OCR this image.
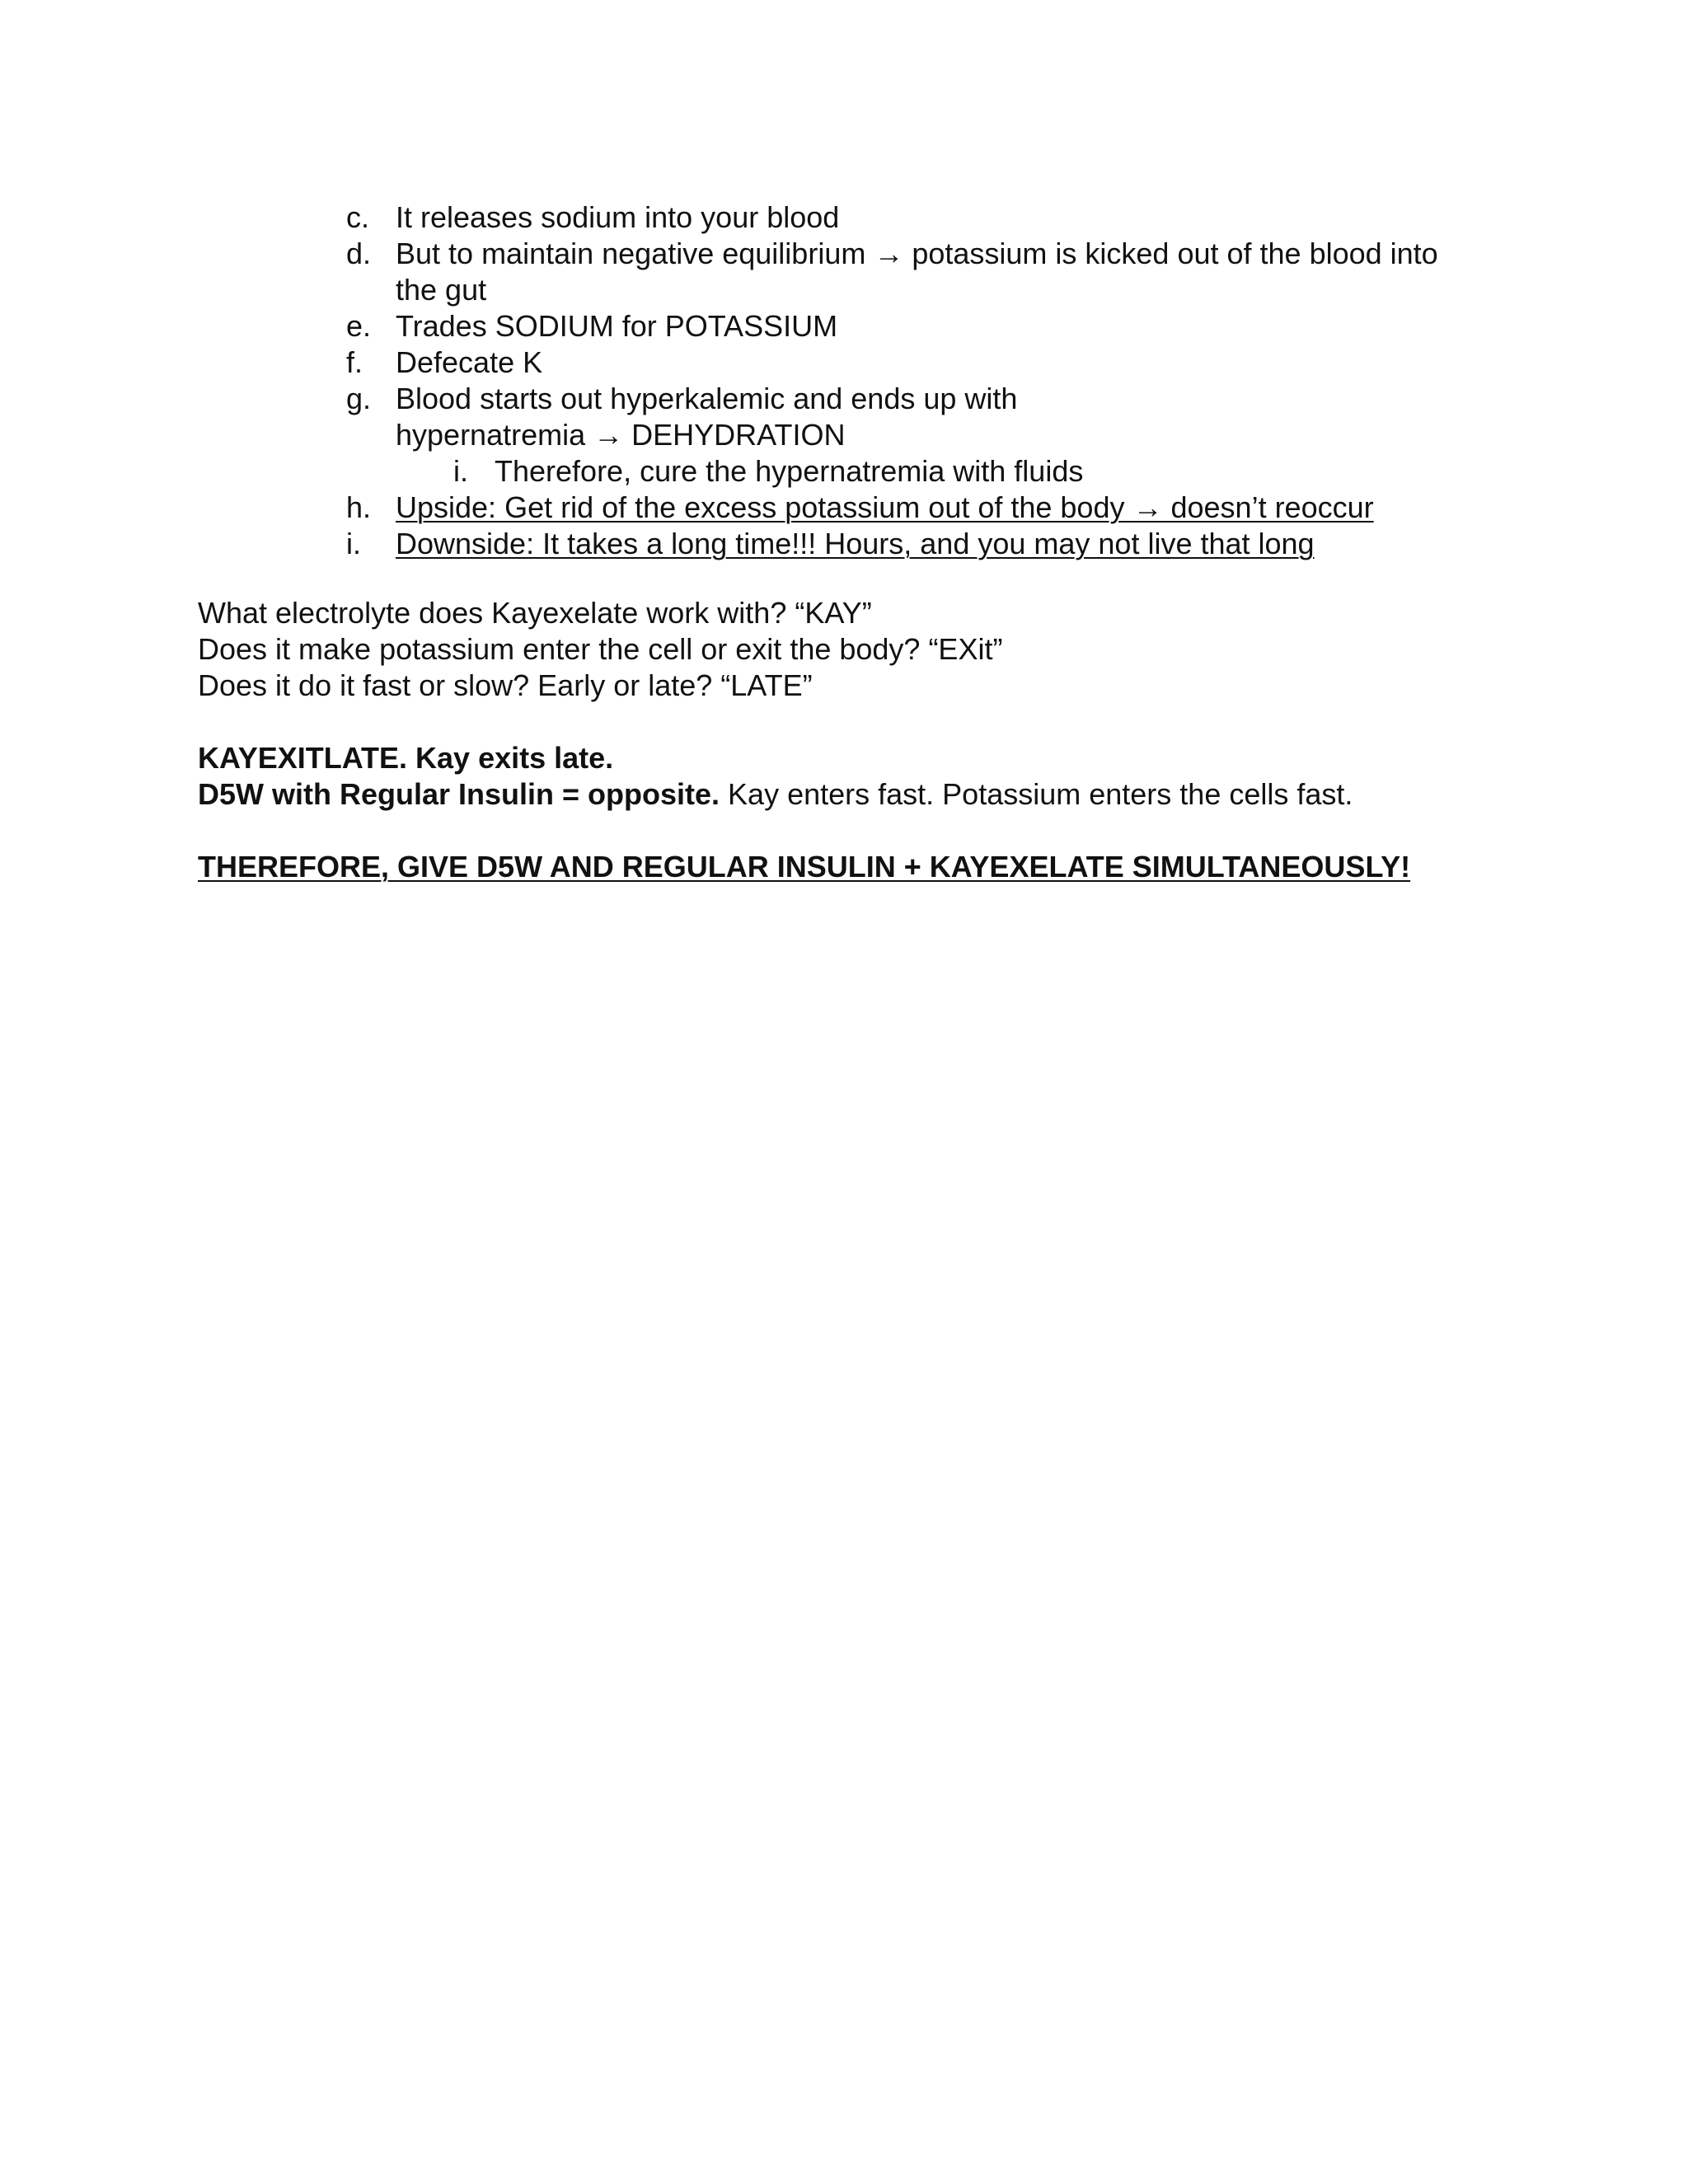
c. It releases sodium into your blood
d. But to maintain negative equilibrium → potassium is kicked out of the blood into the gut
e. Trades SODIUM for POTASSIUM
f.	Defecate K
g. Blood starts out hyperkalemic and ends up with hypernatremia → DEHYDRATION
i. Therefore, cure the hypernatremia with fluids
h. Upside: Get rid of the excess potassium out of the body → doesn’t reoccur
i.	Downside: It takes a long time!!! Hours, and you may not live that long
What electrolyte does Kayexelate work with? “KAY”
Does it make potassium enter the cell or exit the body? “EXit”
Does it do it fast or slow? Early or late? “LATE”
KAYEXITLATE. Kay exits late.
D5W with Regular Insulin = opposite. Kay enters fast. Potassium enters the cells fast.
THEREFORE, GIVE D5W AND REGULAR INSULIN + KAYEXELATE SIMULTANEOUSLY!
